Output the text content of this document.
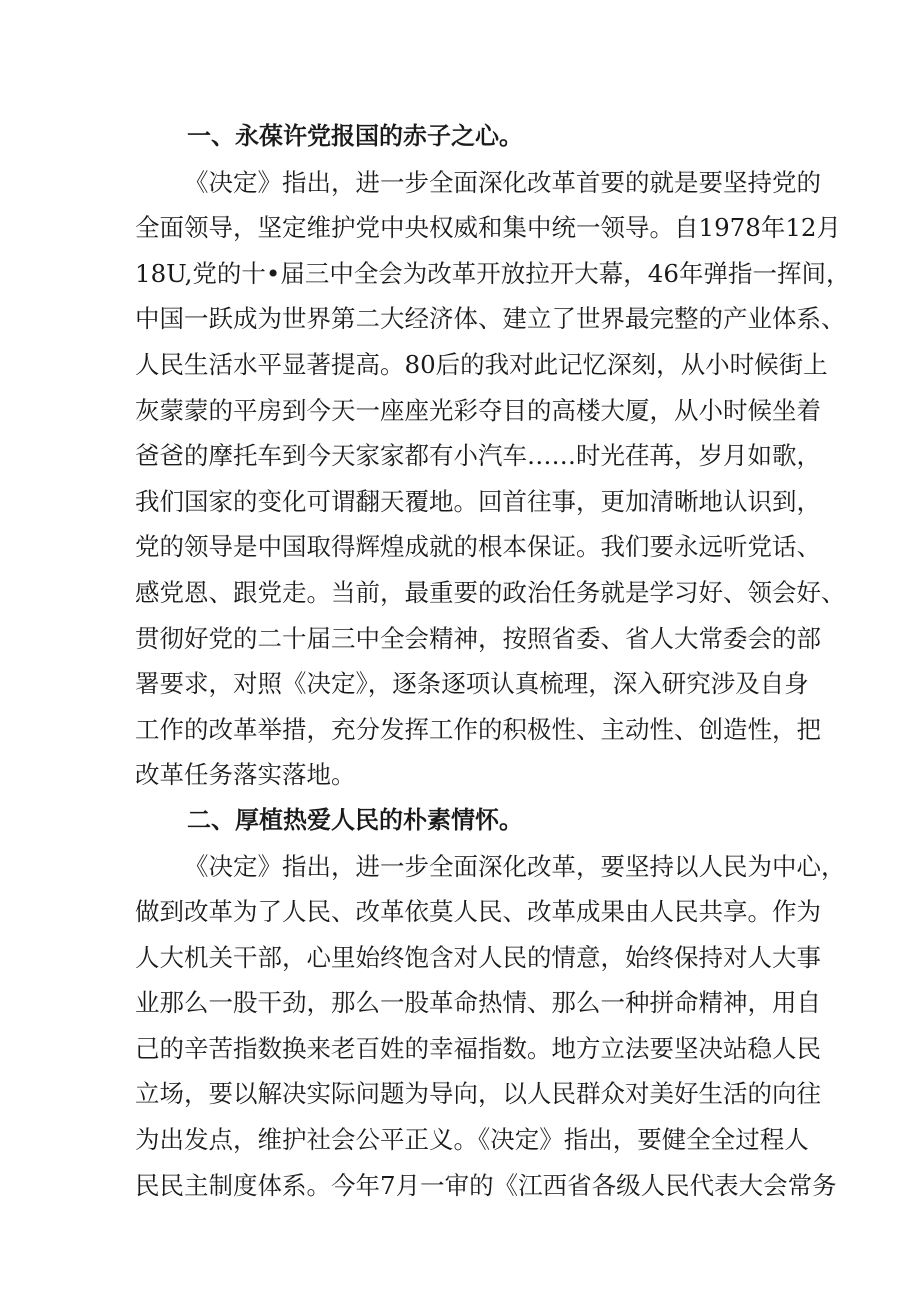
一、永葆许党报国的赤子之心。
《决定》指出，进一步全面深化改革首要的就是要坚持党的
全面领导，坚定维护党中央权威和集中统一领导。自1978年12月
18U,党的十•届三中全会为改革开放拉开大幕，46年弹指一挥间，
中国一跃成为世界第二大经济体、建立了世界最完整的产业体系、
人民生活水平显著提高。80后的我对此记忆深刻，从小时候街上
灰蒙蒙的平房到今天一座座光彩夺目的高楼大厦，从小时候坐着
爸爸的摩托车到今天家家都有小汽车……时光荏苒，岁月如歌，
我们国家的变化可谓翻天覆地。回首往事，更加清晰地认识到，
党的领导是中国取得辉煌成就的根本保证。我们要永远听党话、
感党恩、跟党走。当前，最重要的政治任务就是学习好、领会好、
贯彻好党的二十届三中全会精神，按照省委、省人大常委会的部
署要求，对照《决定》，逐条逐项认真梳理，深入研究涉及自身
工作的改革举措，充分发挥工作的积极性、主动性、创造性，把
改革任务落实落地。
二、厚植热爱人民的朴素情怀。
《决定》指出，进一步全面深化改革，要坚持以人民为中心，
做到改革为了人民、改革依莫人民、改革成果由人民共享。作为
人大机关干部，心里始终饱含对人民的情意，始终保持对人大事
业那么一股干劲，那么一股革命热情、那么一种拼命精神，用自
己的辛苦指数换来老百姓的幸福指数。地方立法要坚决站稳人民
立场，要以解决实际问题为导向，以人民群众对美好生活的向往
为出发点，维护社会公平正义。《决定》指出，要健全全过程人
民民主制度体系。今年7月一审的《江西省各级人民代表大会常务
